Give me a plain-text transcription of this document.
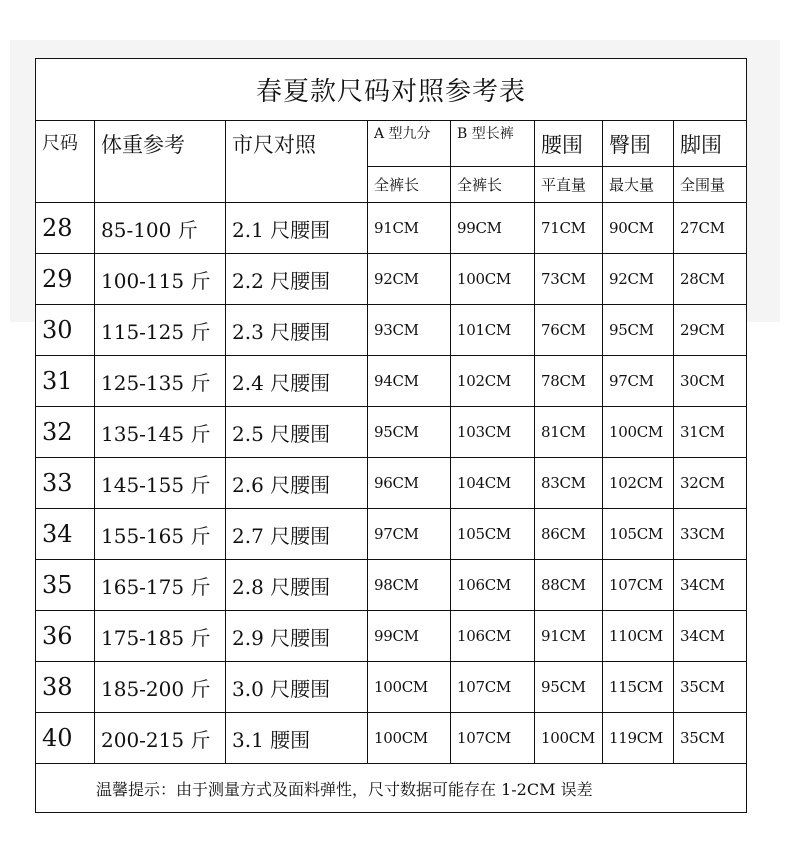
春夏款尺码对照参考表							
尺码	体重参考	市尺对照	A 型九分	B 型长裤	腰围	臀围	脚围
			全裤长	全裤长	平直量	最大量	全围量
28	85-100 斤	2.1 尺腰围	91CM	99CM	71CM	90CM	27CM
29	100-115 斤	2.2 尺腰围	92CM	100CM	73CM	92CM	28CM
30	115-125 斤	2.3 尺腰围	93CM	101CM	76CM	95CM	29CM
31	125-135 斤	2.4 尺腰围	94CM	102CM	78CM	97CM	30CM
32	135-145 斤	2.5 尺腰围	95CM	103CM	81CM	100CM	31CM
33	145-155 斤	2.6 尺腰围	96CM	104CM	83CM	102CM	32CM
34	155-165 斤	2.7 尺腰围	97CM	105CM	86CM	105CM	33CM
35	165-175 斤	2.8 尺腰围	98CM	106CM	88CM	107CM	34CM
36	175-185 斤	2.9 尺腰围	99CM	106CM	91CM	110CM	34CM
38	185-200 斤	3.0 尺腰围	100CM	107CM	95CM	115CM	35CM
40	200-215 斤	3.1 腰围	100CM	107CM	100CM	119CM	35CM
温馨提示：由于测量方式及面料弹性，尺寸数据可能存在 1-2CM 误差							
